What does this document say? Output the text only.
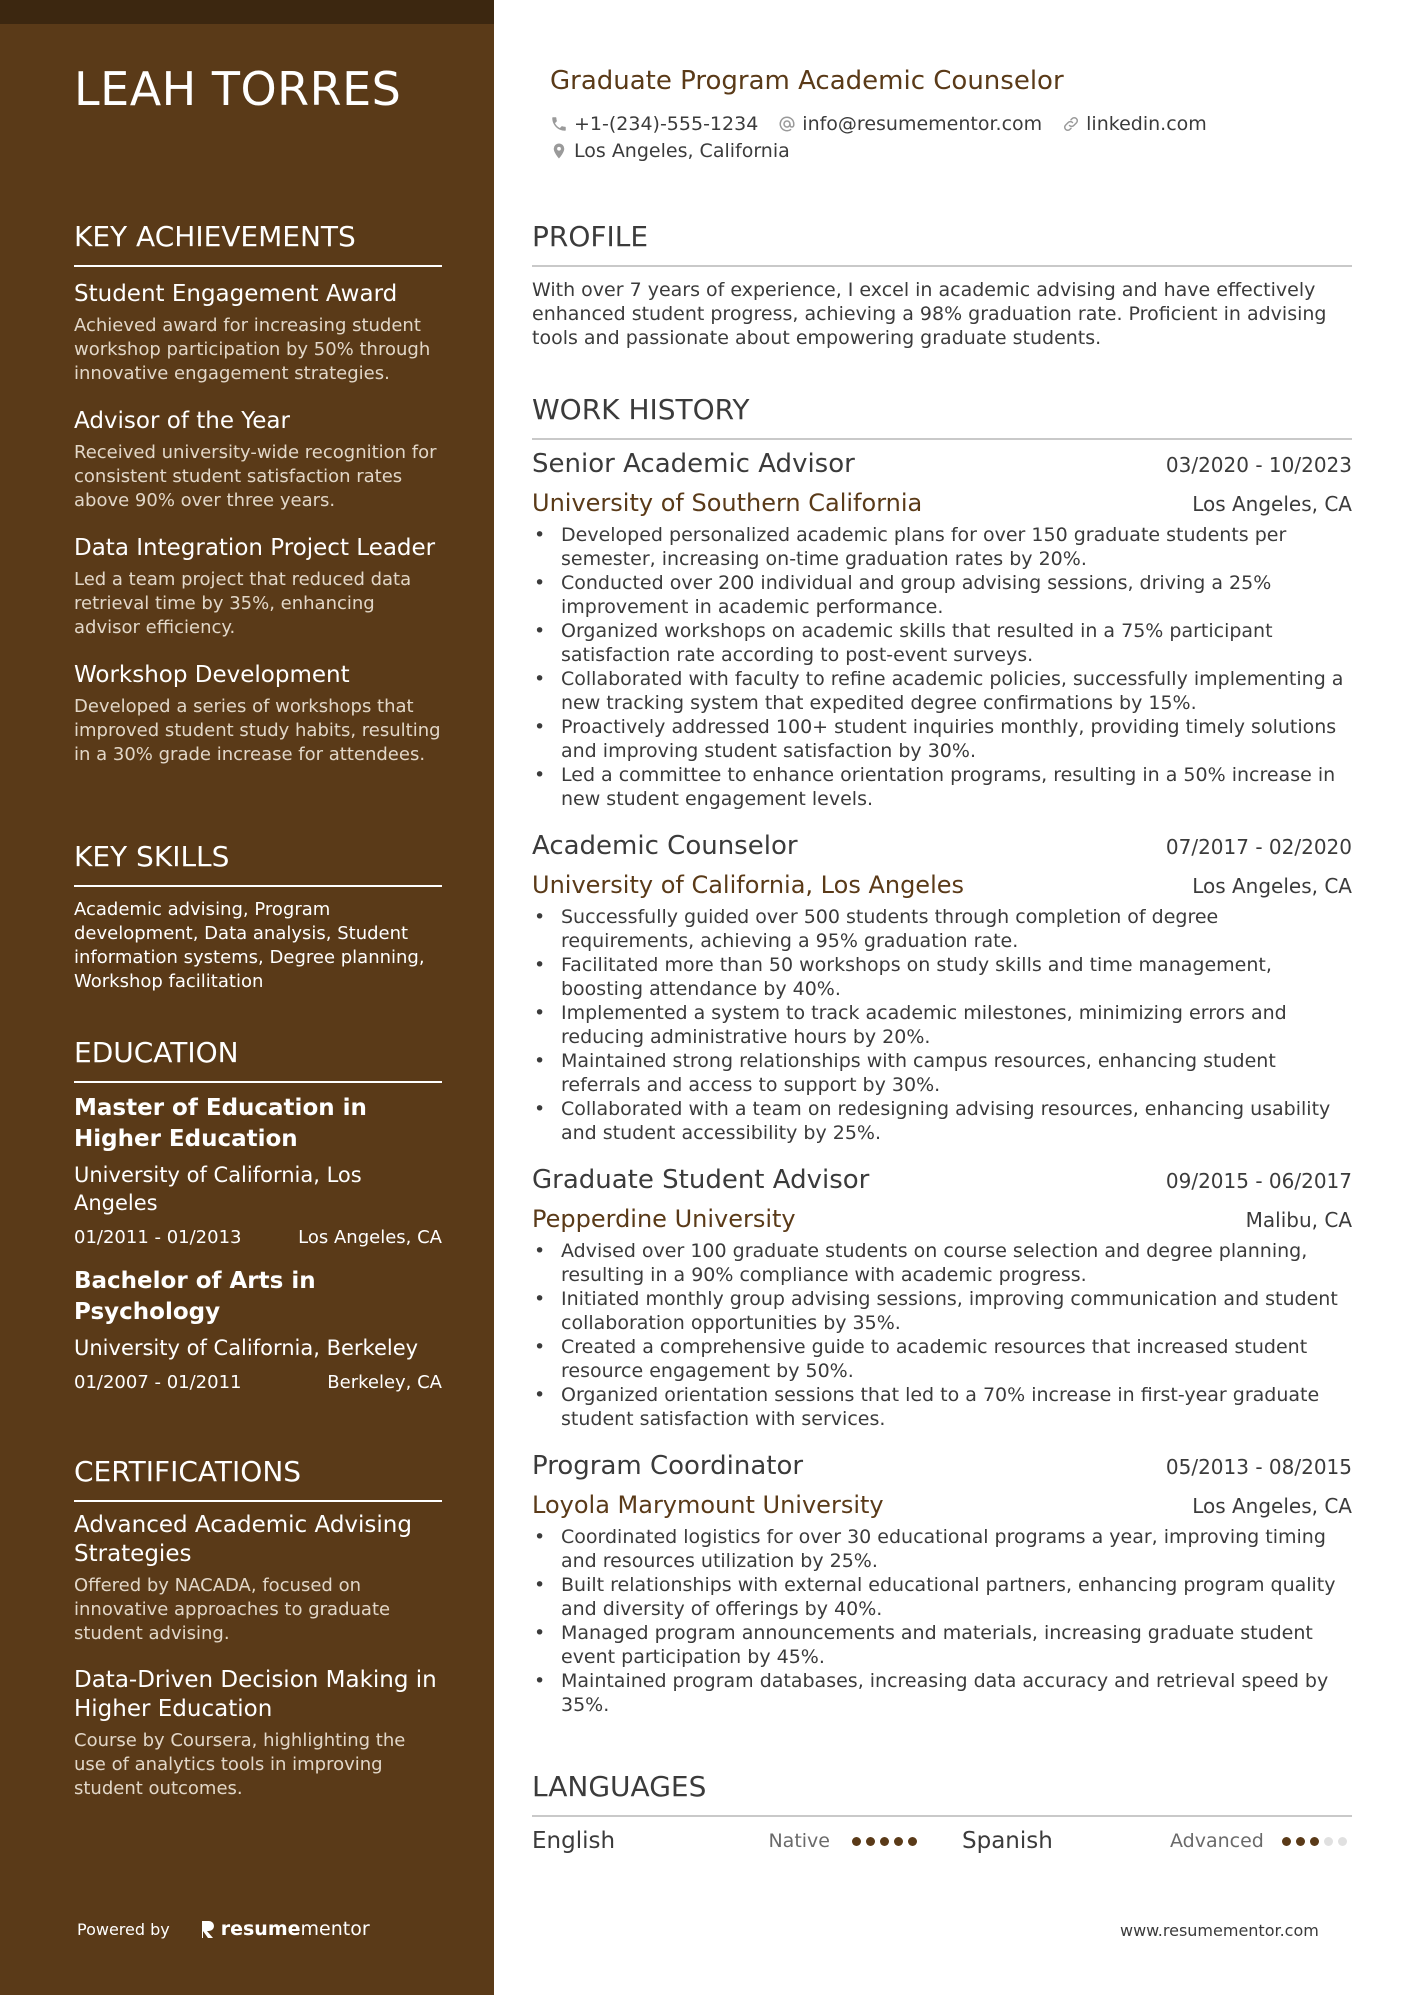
LEAH TORRES
KEY ACHIEVEMENTS
Student Engagement Award
Achieved award for increasing student workshop participation by 50% through innovative engagement strategies.
Advisor of the Year
Received university-wide recognition for consistent student satisfaction rates above 90% over three years.
Data Integration Project Leader
Led a team project that reduced data retrieval time by 35%, enhancing advisor efficiency.
Workshop Development
Developed a series of workshops that improved student study habits, resulting in a 30% grade increase for attendees.
KEY SKILLS
Academic advising, Program development, Data analysis, Student information systems, Degree planning, Workshop facilitation
EDUCATION
Master of Education in Higher Education
University of California, Los Angeles
01/2011 - 01/2013	Los Angeles, CA
Bachelor of Arts in Psychology
University of California, Berkeley
01/2007 - 01/2011	Berkeley, CA
CERTIFICATIONS
Advanced Academic Advising Strategies
Offered by NACADA, focused on innovative approaches to graduate student advising.
Data-Driven Decision Making in Higher Education
Course by Coursera, highlighting the use of analytics tools in improving student outcomes.
Powered by	resume mentor
Graduate Program Academic Counselor
+1-(234)-555-1234 info@resumementor.com linkedin.com
Los Angeles, California
PROFILE
With over 7 years of experience, I excel in academic advising and have effectively enhanced student progress, achieving a 98% graduation rate. Proficient in advising tools and passionate about empowering graduate students.
WORK HISTORY
Senior Academic Advisor	03/2020 - 10/2023
University of Southern California	Los Angeles, CA
• Developed personalized academic plans for over 150 graduate students per semester, increasing on-time graduation rates by 20%.
• Conducted over 200 individual and group advising sessions, driving a 25% improvement in academic performance.
• Organized workshops on academic skills that resulted in a 75% participant satisfaction rate according to post-event surveys.
• Collaborated with faculty to refine academic policies, successfully implementing a new tracking system that expedited degree confirmations by 15%.
• Proactively addressed 100+ student inquiries monthly, providing timely solutions and improving student satisfaction by 30%.
• Led a committee to enhance orientation programs, resulting in a 50% increase in new student engagement levels.
Academic Counselor	07/2017 - 02/2020
University of California, Los Angeles	Los Angeles, CA
• Successfully guided over 500 students through completion of degree requirements, achieving a 95% graduation rate.
• Facilitated more than 50 workshops on study skills and time management, boosting attendance by 40%.
• Implemented a system to track academic milestones, minimizing errors and reducing administrative hours by 20%.
• Maintained strong relationships with campus resources, enhancing student referrals and access to support by 30%.
• Collaborated with a team on redesigning advising resources, enhancing usability and student accessibility by 25%.
Graduate Student Advisor	09/2015 - 06/2017
Pepperdine University	Malibu, CA
• Advised over 100 graduate students on course selection and degree planning, resulting in a 90% compliance with academic progress.
• Initiated monthly group advising sessions, improving communication and student collaboration opportunities by 35%.
• Created a comprehensive guide to academic resources that increased student resource engagement by 50%.
• Organized orientation sessions that led to a 70% increase in first-year graduate student satisfaction with services.
Program Coordinator	05/2013 - 08/2015
Loyola Marymount University	Los Angeles, CA
• Coordinated logistics for over 30 educational programs a year, improving timing and resources utilization by 25%.
• Built relationships with external educational partners, enhancing program quality and diversity of offerings by 40%.
• Managed program announcements and materials, increasing graduate student event participation by 45%.
• Maintained program databases, increasing data accuracy and retrieval speed by 35%.
LANGUAGES
English	Native	Spanish	Advanced
www.resumementor.com
